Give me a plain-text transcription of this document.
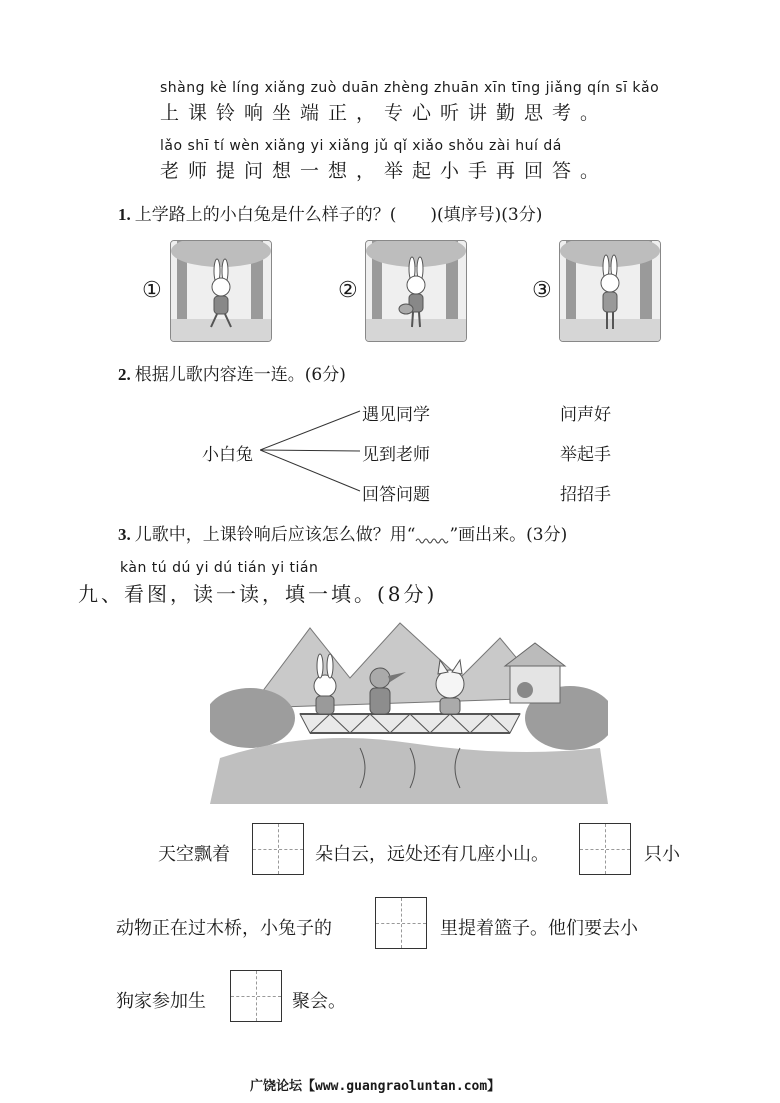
shàng kè líng xiǎng zuò duān zhèng zhuān xīn tīng jiǎng qín sī kǎo
上课铃响坐端正，专心听讲勤思考。
lǎo shī tí wèn xiǎng yi xiǎng jǔ qǐ xiǎo shǒu zài huí dá
老师提问想一想，举起小手再回答。
1. 上学路上的小白兔是什么样子的？(　　)(填序号)(3分)
①	②	③
2. 根据儿歌内容连一连。(6分)
小白兔
遇见同学
见到老师
回答问题
问声好
举起手
招招手
3. 儿歌中，上课铃响后应该怎么做？用“ ”画出来。(3分)
kàn tú dú yi dú tián yi tián
九、看图，读一读，填一填。(8分)
天空飘着	朵白云，远处还有几座小山。	只小
动物正在过木桥，小兔子的	里提着篮子。他们要去小
狗家参加生	聚会。
广饶论坛【www.guangraoluntan.com】
